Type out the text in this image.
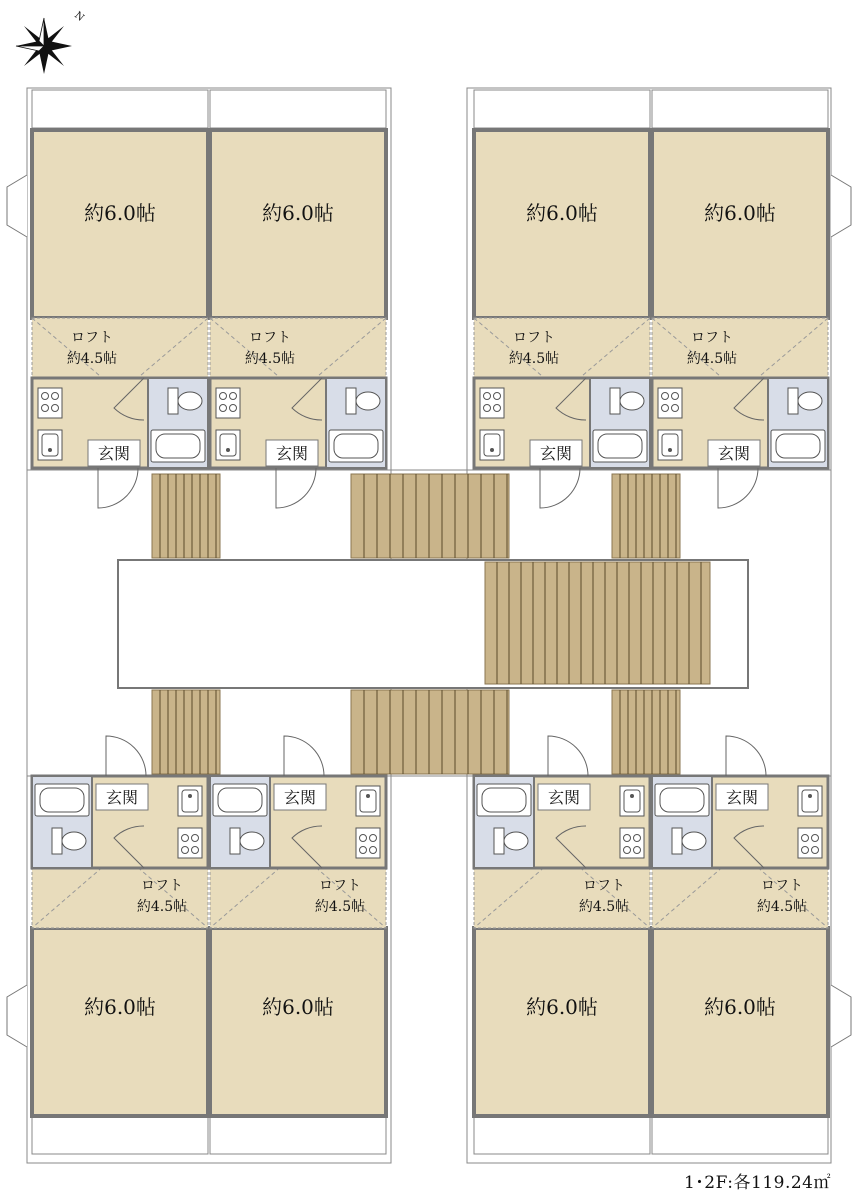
N
玄関
約6.0帖
ロフト
約4.5帖
玄関
約6.0帖
ロフト
約4.5帖
玄関
約6.0帖
ロフト
約4.5帖
玄関
約6.0帖
ロフト
約4.5帖
玄関
約6.0帖
ロフト
約4.5帖
玄関
約6.0帖
ロフト
約4.5帖
玄関
約6.0帖
ロフト
約4.5帖
玄関
約6.0帖
ロフト
約4.5帖
1･2F:各119.24㎡
